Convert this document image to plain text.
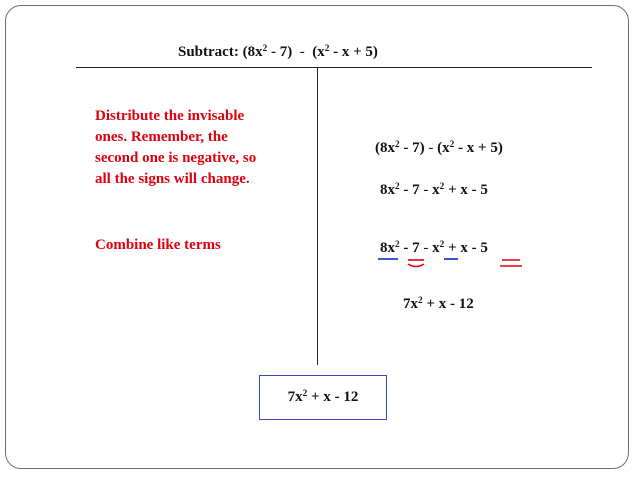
Subtract: $(8x^2 - 7) - (x^2 - x + 5)$
Distribute the invisable
ones. Remember, the
second one is negative, so
all the signs will change.
Combine like terms
$(8x^2 - 7) - (x^2 - x + 5)$
$8x^2 - 7 - x^2 + x - 5$
$8x^2 - 7 - x^2 + x - 5$
$7x^2 + x - 12$
$7x^2 + x - 12$
